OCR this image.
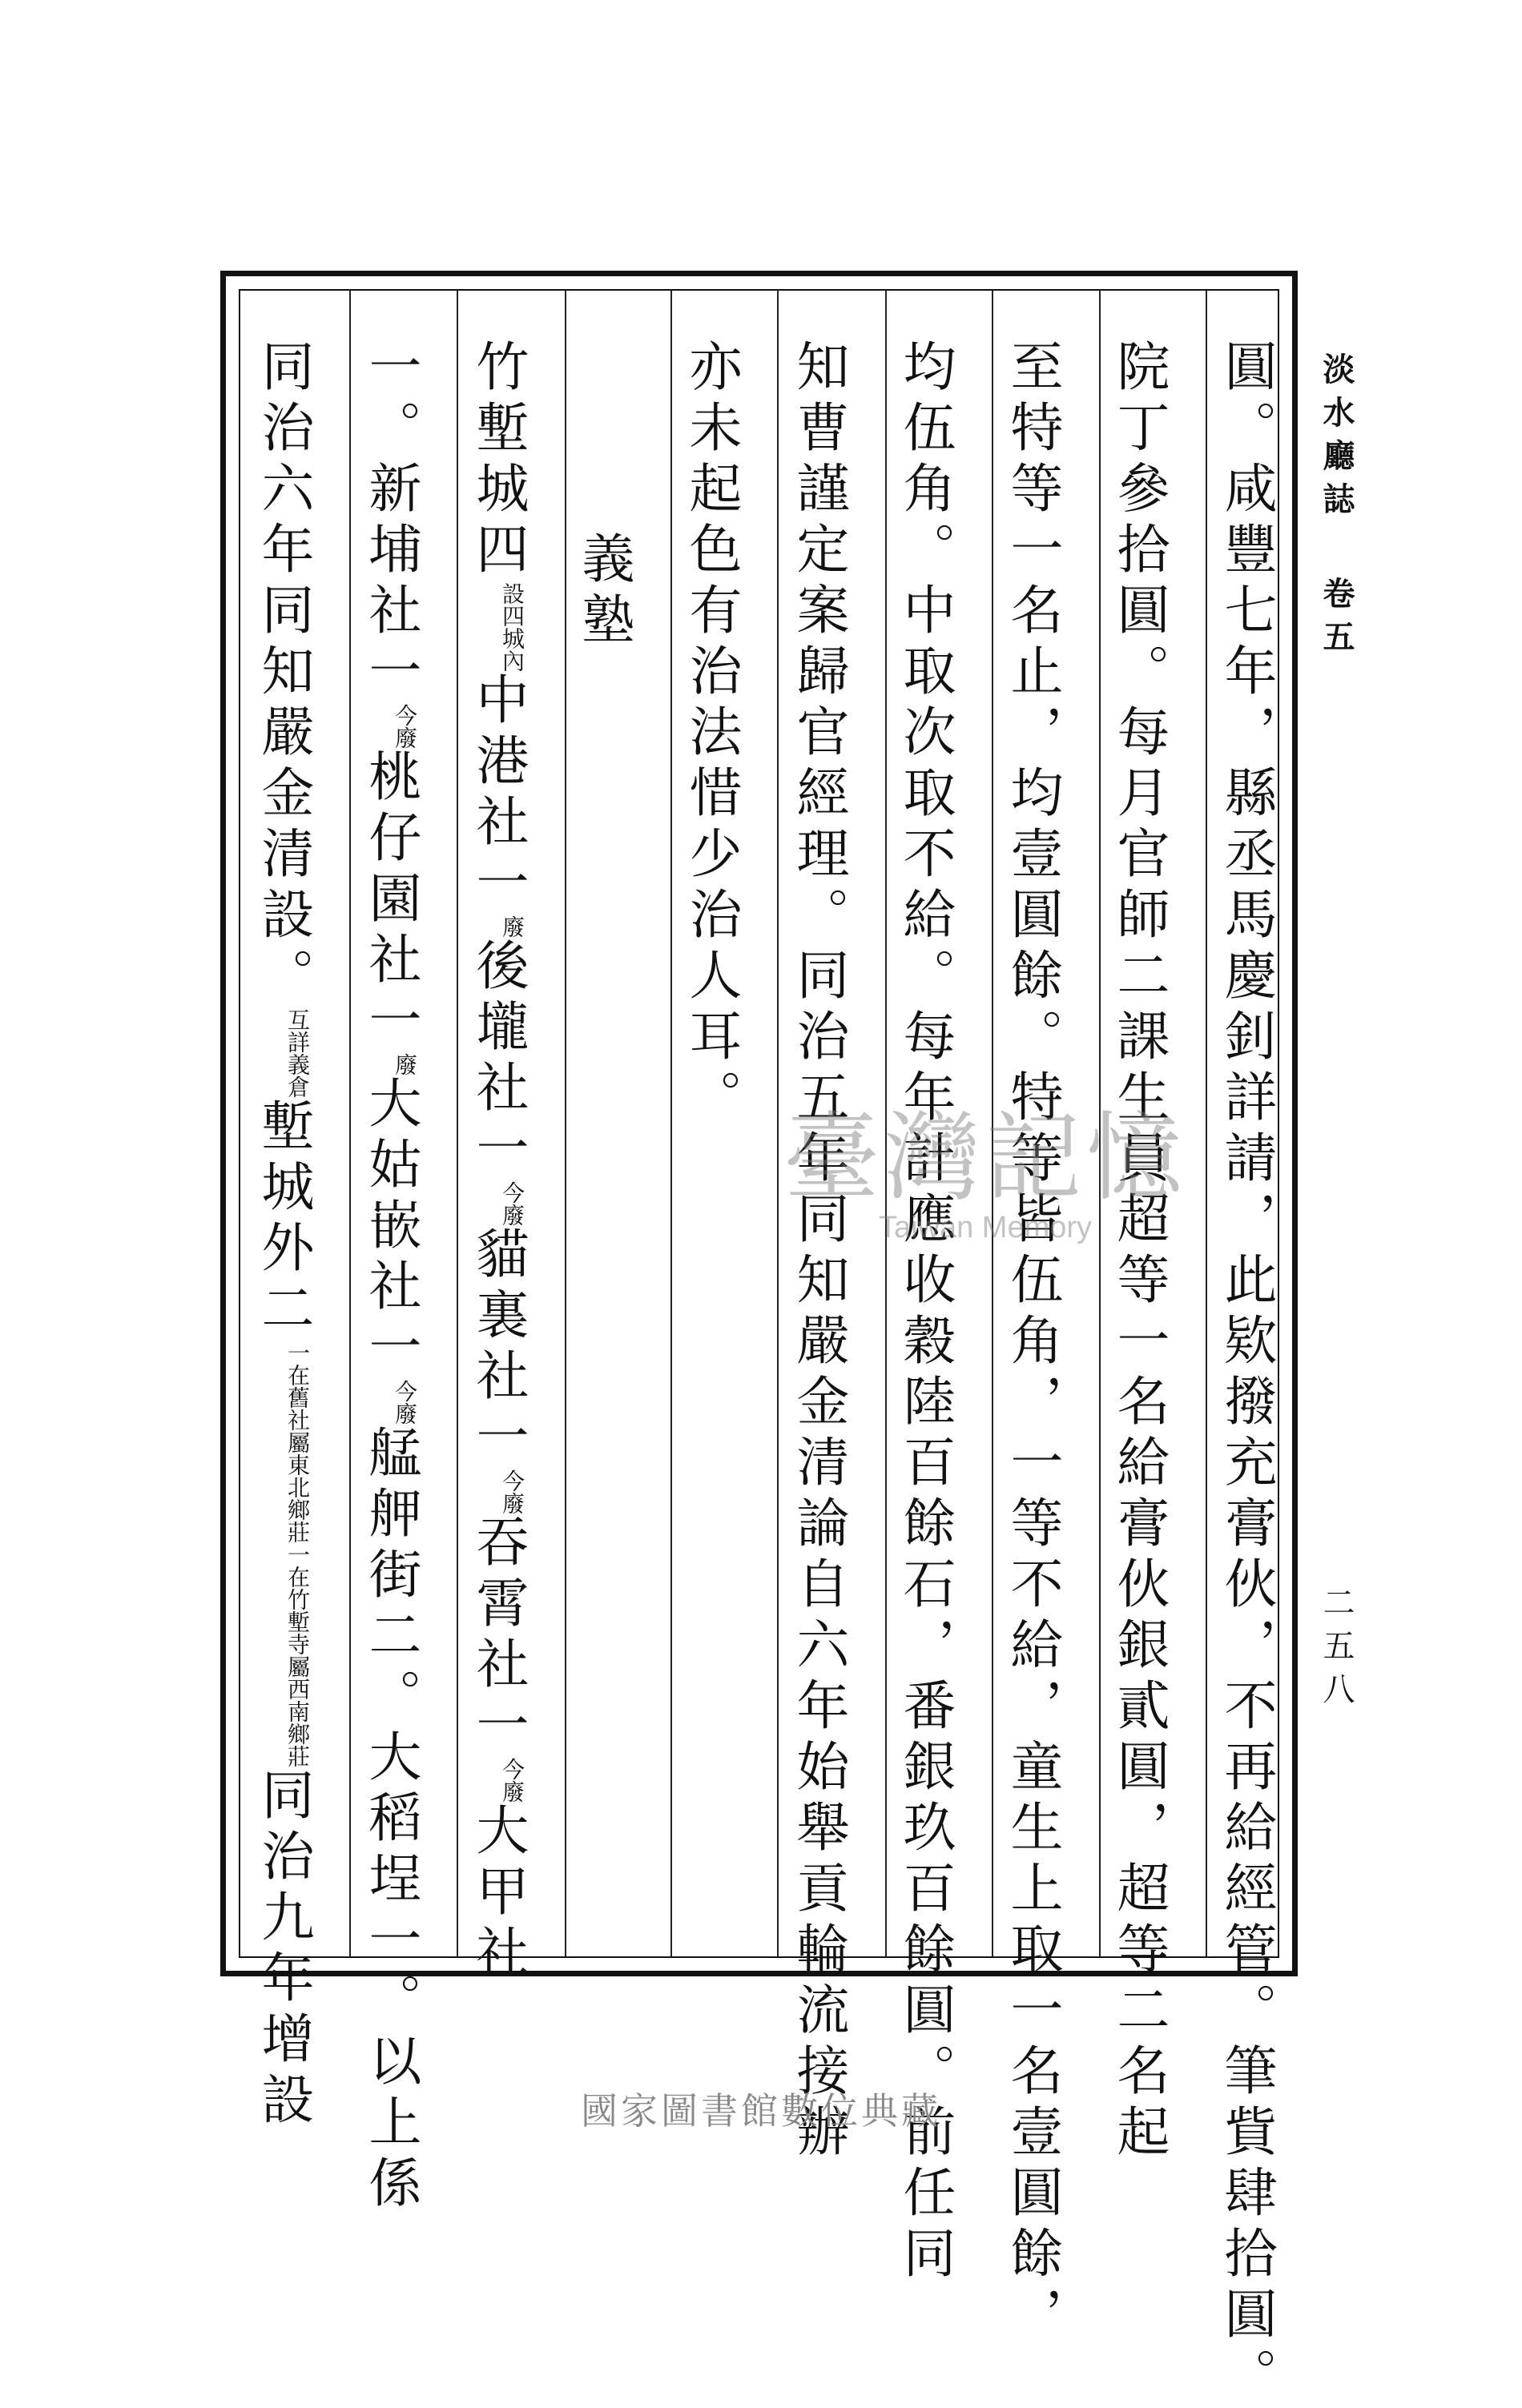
圓。咸豐七年，縣丞馬慶釗詳請，此欵撥充膏伙，不再給經管。筆貲肆拾圓。
院丁參拾圓。每月官師二課生員超等一名給膏伙銀貳圓，超等二名起
至特等一名止，均壹圓餘。特等皆伍角，一等不給，童生上取一名壹圓餘，
均伍角。中取次取不給。每年計應收穀陸百餘石，番銀玖百餘圓。前任同
知曹謹定案歸官經理。同治五年同知嚴金清論自六年始舉貢輪流接辦
亦未起色有治法惜少治人耳。
義塾
竹塹城四設四城內中港社一廢後壠社一今廢貓裏社一今廢吞霄社一今廢大甲社
一。新埔社一今廢桃仔園社一廢大姑嵌社一今廢艋舺街二。大稻埕一。以上係
同治六年同知嚴金清設。互詳義倉塹城外二一在舊社屬東北鄉莊一在竹塹寺屬西南鄉莊同治九年增設
淡水廳誌
卷五
二五八
臺灣記憶
Taiwan Memory
國家圖書館數位典藏
